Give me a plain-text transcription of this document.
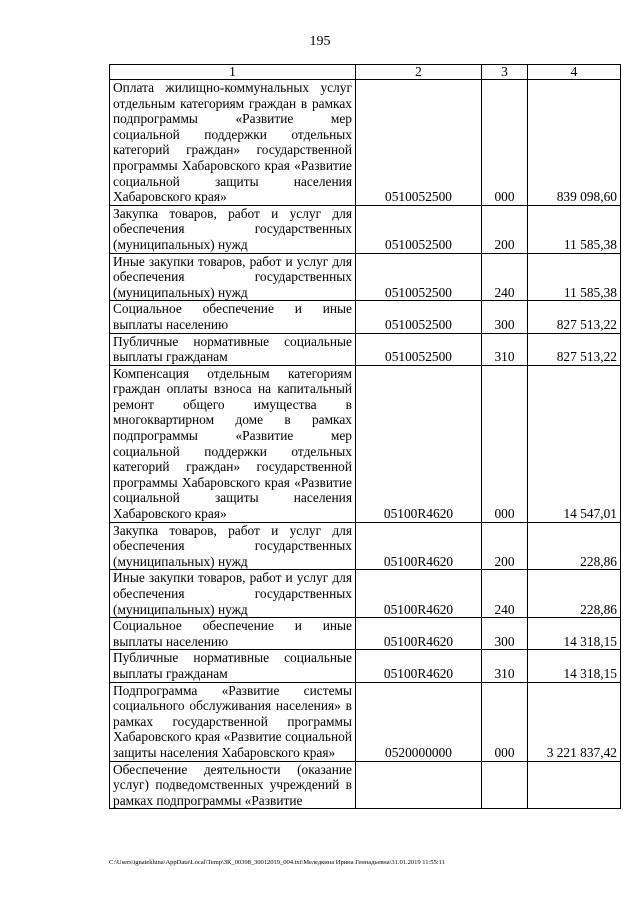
195
1	2	3	4
Оплата жилищно-коммунальных услуг отдельным категориям граждан в рамках подпрограммы «Развитие мер социальной поддержки отдельных категорий граждан» государственной программы Хабаровского края «Развитие социальной защиты населения Хабаровского края»	0510052500	000	839 098,60
Закупка товаров, работ и услуг для обеспечения государственных (муниципальных) нужд	0510052500	200	11 585,38
Иные закупки товаров, работ и услуг для обеспечения государственных (муниципальных) нужд	0510052500	240	11 585,38
Социальное обеспечение и иные выплаты населению	0510052500	300	827 513,22
Публичные нормативные социальные выплаты гражданам	0510052500	310	827 513,22
Компенсация отдельным категориям граждан оплаты взноса на капитальный ремонт общего имущества в многоквартирном доме в рамках подпрограммы «Развитие мер социальной поддержки отдельных категорий граждан» государственной программы Хабаровского края «Развитие социальной защиты населения Хабаровского края»	05100R4620	000	14 547,01
Закупка товаров, работ и услуг для обеспечения государственных (муниципальных) нужд	05100R4620	200	228,86
Иные закупки товаров, работ и услуг для обеспечения государственных (муниципальных) нужд	05100R4620	240	228,86
Социальное обеспечение и иные выплаты населению	05100R4620	300	14 318,15
Публичные нормативные социальные выплаты гражданам	05100R4620	310	14 318,15
Подпрограмма «Развитие системы социального обслуживания населения» в рамках государственной программы Хабаровского края «Развитие социальной защиты населения Хабаровского края»	0520000000	000	3 221 837,42
Обеспечение деятельности (оказание услуг) подведомственных учреждений в рамках подпрограммы «Развитие			
C:\Users\ignatekhina\AppData\Local\Temp\ЗК_00398_30012019_004.txt\Меледкина Ирина Геннадьевна\31.01.2019 11:55:11
